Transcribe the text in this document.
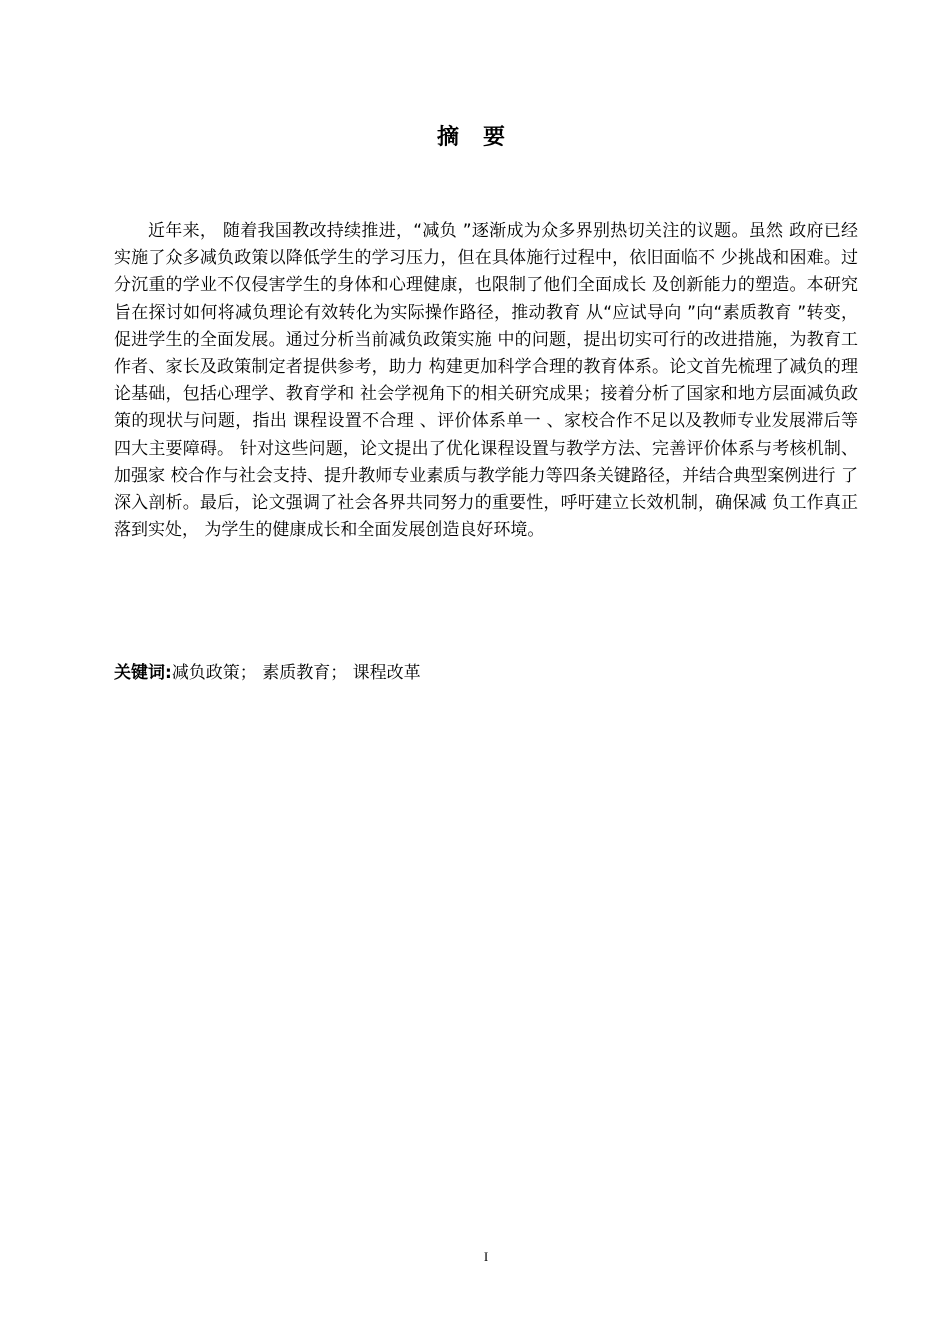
摘要

近年来， 随着我国教改持续推进，“减负 ”逐渐成为众多界别热切关注的议题。虽然 政府已经实施了众多减负政策以降低学生的学习压力，但在具体施行过程中，依旧面临不 少挑战和困难。过分沉重的学业不仅侵害学生的身体和心理健康，也限制了他们全面成长 及创新能力的塑造。本研究旨在探讨如何将减负理论有效转化为实际操作路径，推动教育 从“应试导向 ”向“素质教育 ”转变，促进学生的全面发展。通过分析当前减负政策实施 中的问题，提出切实可行的改进措施，为教育工作者、家长及政策制定者提供参考，助力 构建更加科学合理的教育体系。论文首先梳理了减负的理论基础，包括心理学、教育学和 社会学视角下的相关研究成果；接着分析了国家和地方层面减负政策的现状与问题，指出 课程设置不合理 、评价体系单一 、家校合作不足以及教师专业发展滞后等四大主要障碍。 针对这些问题，论文提出了优化课程设置与教学方法、完善评价体系与考核机制、加强家 校合作与社会支持、提升教师专业素质与教学能力等四条关键路径，并结合典型案例进行 了深入剖析。最后，论文强调了社会各界共同努力的重要性，呼吁建立长效机制，确保减 负工作真正落到实处， 为学生的健康成长和全面发展创造良好环境。

关键词:减负政策； 素质教育； 课程改革

I
